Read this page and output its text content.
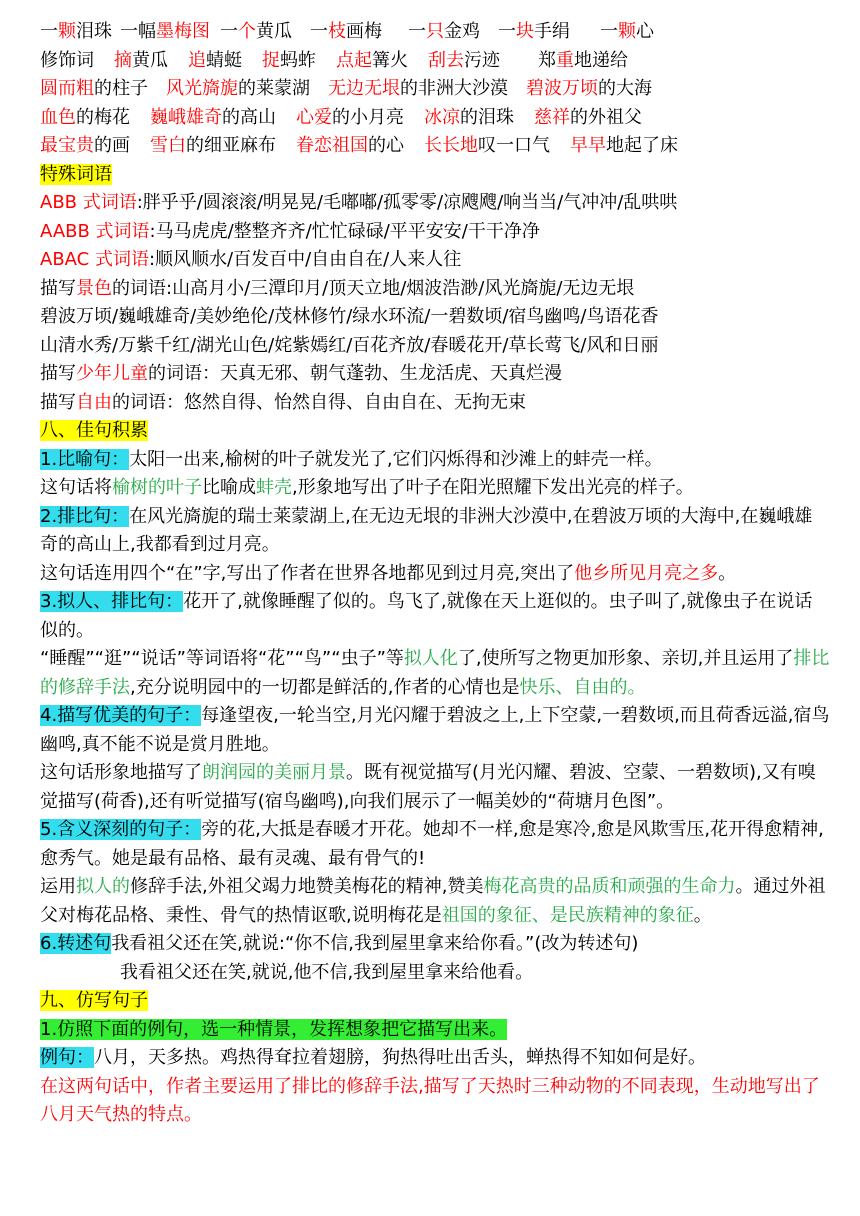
一颗泪珠 一幅墨梅图 一个黄瓜 一枝画梅 一只金鸡 一块手绢 一颗心
修饰词 摘黄瓜 追蜻蜓 捉蚂蚱 点起篝火 刮去污迹 郑重地递给
圆而粗的柱子 风光旖旎的莱蒙湖 无边无垠的非洲大沙漠 碧波万顷的大海
血色的梅花 巍峨雄奇的高山 心爱的小月亮 冰凉的泪珠 慈祥的外祖父
最宝贵的画 雪白的细亚麻布 眷恋祖国的心 长长地叹一口气 早早地起了床
特殊词语
ABB 式词语:胖乎乎/圆滚滚/明晃晃/毛嘟嘟/孤零零/凉飕飕/响当当/气冲冲/乱哄哄
AABB 式词语:马马虎虎/整整齐齐/忙忙碌碌/平平安安/干干净净
ABAC 式词语:顺风顺水/百发百中/自由自在/人来人往
描写景色的词语:山高月小/三潭印月/顶天立地/烟波浩渺/风光旖旎/无边无垠
碧波万顷/巍峨雄奇/美妙绝伦/茂林修竹/绿水环流/一碧数顷/宿鸟幽鸣/鸟语花香
山清水秀/万紫千红/湖光山色/姹紫嫣红/百花齐放/春暖花开/草长莺飞/风和日丽
描写少年儿童的词语：天真无邪、朝气蓬勃、生龙活虎、天真烂漫
描写自由的词语：悠然自得、怡然自得、自由自在、无拘无束
八、佳句积累
1.比喻句：太阳一出来,榆树的叶子就发光了,它们闪烁得和沙滩上的蚌壳一样。
这句话将榆树的叶子比喻成蚌壳,形象地写出了叶子在阳光照耀下发出光亮的样子。
2.排比句：在风光旖旎的瑞士莱蒙湖上,在无边无垠的非洲大沙漠中,在碧波万顷的大海中,在巍峨雄奇的高山上,我都看到过月亮。
这句话连用四个“在”字,写出了作者在世界各地都见到过月亮,突出了他乡所见月亮之多。
3.拟人、排比句：花开了,就像睡醒了似的。鸟飞了,就像在天上逛似的。虫子叫了,就像虫子在说话似的。
“睡醒”“逛”“说话”等词语将“花”“鸟”“虫子”等拟人化了,使所写之物更加形象、亲切,并且运用了排比的修辞手法,充分说明园中的一切都是鲜活的,作者的心情也是快乐、自由的。
4.描写优美的句子：每逢望夜,一轮当空,月光闪耀于碧波之上,上下空蒙,一碧数顷,而且荷香远溢,宿鸟幽鸣,真不能不说是赏月胜地。
这句话形象地描写了朗润园的美丽月景。既有视觉描写(月光闪耀、碧波、空蒙、一碧数顷),又有嗅觉描写(荷香),还有听觉描写(宿鸟幽鸣),向我们展示了一幅美妙的“荷塘月色图”。
5.含义深刻的句子：旁的花,大抵是春暖才开花。她却不一样,愈是寒冷,愈是风欺雪压,花开得愈精神,愈秀气。她是最有品格、最有灵魂、最有骨气的!
运用拟人的修辞手法,外祖父竭力地赞美梅花的精神,赞美梅花高贵的品质和顽强的生命力。通过外祖父对梅花品格、秉性、骨气的热情讴歌,说明梅花是祖国的象征、是民族精神的象征。
6.转述句我看祖父还在笑,就说:“你不信,我到屋里拿来给你看。”(改为转述句)
我看祖父还在笑,就说,他不信,我到屋里拿来给他看。
九、仿写句子
1.仿照下面的例句，选一种情景，发挥想象把它描写出来。
例句：八月，天多热。鸡热得耷拉着翅膀，狗热得吐出舌头，蝉热得不知如何是好。
在这两句话中，作者主要运用了排比的修辞手法,描写了天热时三种动物的不同表现，生动地写出了八月天气热的特点。
